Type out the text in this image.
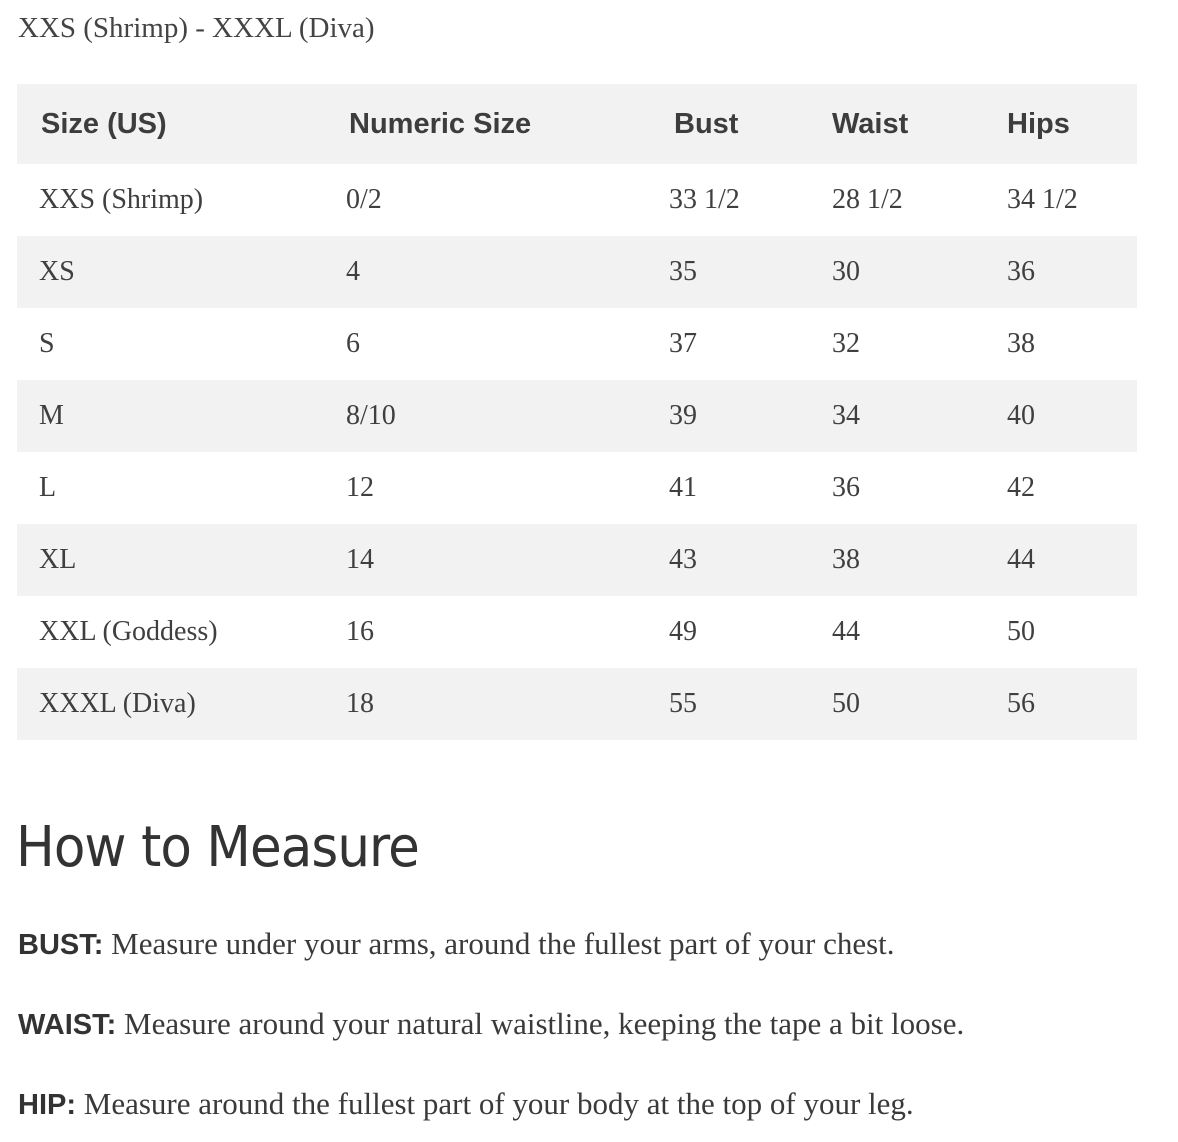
XXS (Shrimp) - XXXL (Diva)
Size (US)	Numeric Size	Bust	Waist	Hips
XXS (Shrimp)	0/2	33 1/2	28 1/2	34 1/2
XS	4	35	30	36
S	6	37	32	38
M	8/10	39	34	40
L	12	41	36	42
XL	14	43	38	44
XXL (Goddess)	16	49	44	50
XXXL (Diva)	18	55	50	56
How to Measure

BUST: Measure under your arms, around the fullest part of your chest.

WAIST: Measure around your natural waistline, keeping the tape a bit loose.

HIP: Measure around the fullest part of your body at the top of your leg.
